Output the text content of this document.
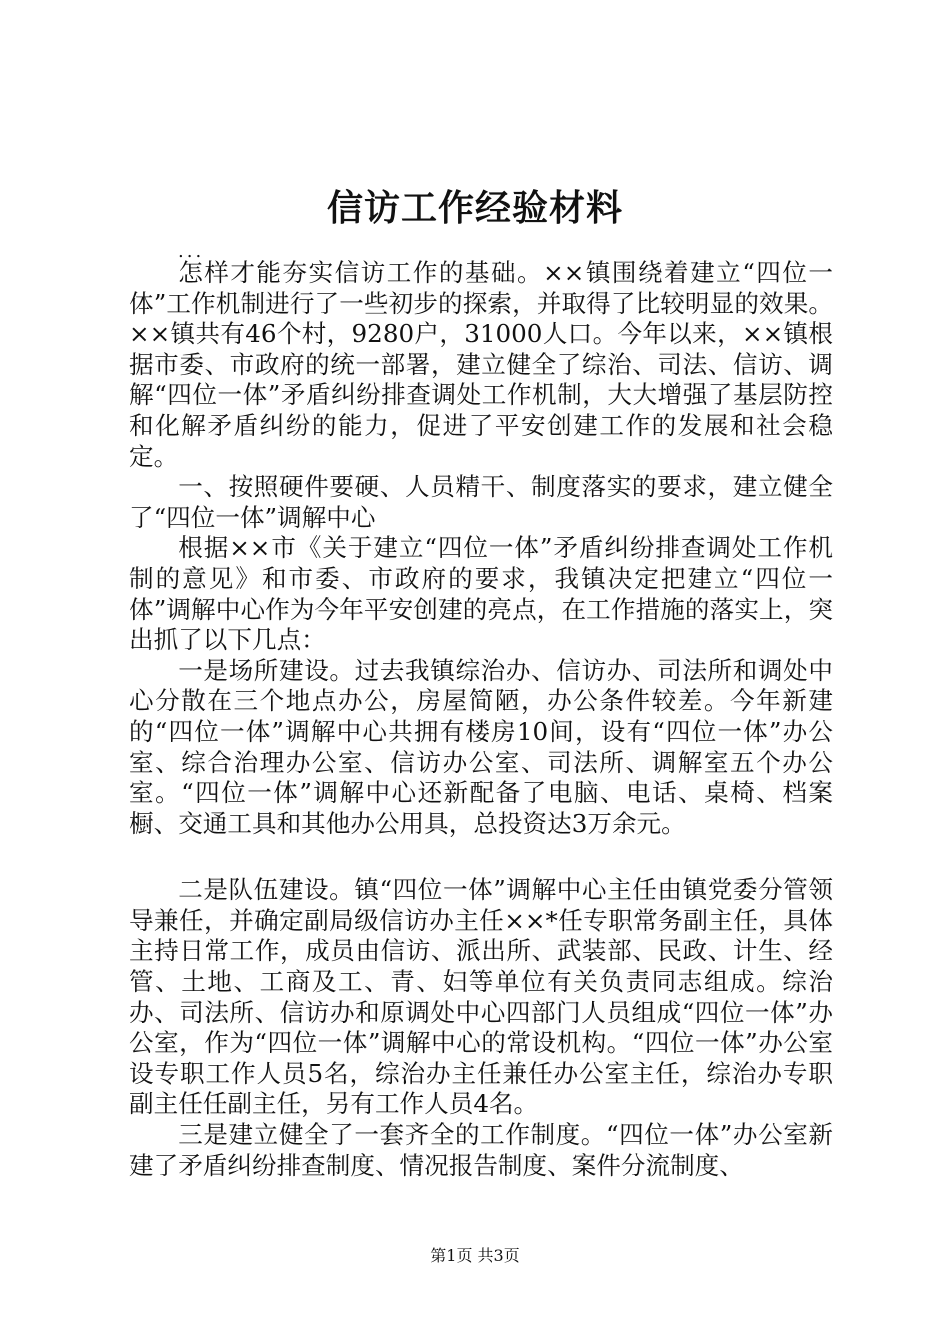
信访工作经验材料
...

怎样才能夯实信访工作的基础。××镇围绕着建立“四位一体”工作机制进行了一些初步的探索，并取得了比较明显的效果。××镇共有46个村，9280户，31000人口。今年以来，××镇根据市委、市政府的统一部署，建立健全了综治、司法、信访、调解“四位一体”矛盾纠纷排查调处工作机制，大大增强了基层防控和化解矛盾纠纷的能力，促进了平安创建工作的发展和社会稳定。

一、按照硬件要硬、人员精干、制度落实的要求，建立健全了“四位一体”调解中心

根据××市《关于建立“四位一体”矛盾纠纷排查调处工作机制的意见》和市委、市政府的要求，我镇决定把建立“四位一体”调解中心作为今年平安创建的亮点，在工作措施的落实上，突出抓了以下几点：

一是场所建设。过去我镇综治办、信访办、司法所和调处中心分散在三个地点办公，房屋简陋，办公条件较差。今年新建的“四位一体”调解中心共拥有楼房10间，设有“四位一体”办公室、综合治理办公室、信访办公室、司法所、调解室五个办公室。“四位一体”调解中心还新配备了电脑、电话、桌椅、档案橱、交通工具和其他办公用具，总投资达3万余元。

二是队伍建设。镇“四位一体”调解中心主任由镇党委分管领导兼任，并确定副局级信访办主任××*任专职常务副主任，具体主持日常工作，成员由信访、派出所、武装部、民政、计生、经管、土地、工商及工、青、妇等单位有关负责同志组成。综治办、司法所、信访办和原调处中心四部门人员组成“四位一体”办公室，作为“四位一体”调解中心的常设机构。“四位一体”办公室设专职工作人员5名，综治办主任兼任办公室主任，综治办专职副主任任副主任，另有工作人员4名。

三是建立健全了一套齐全的工作制度。“四位一体”办公室新建了矛盾纠纷排查制度、情况报告制度、案件分流制度、

第1页 共3页
